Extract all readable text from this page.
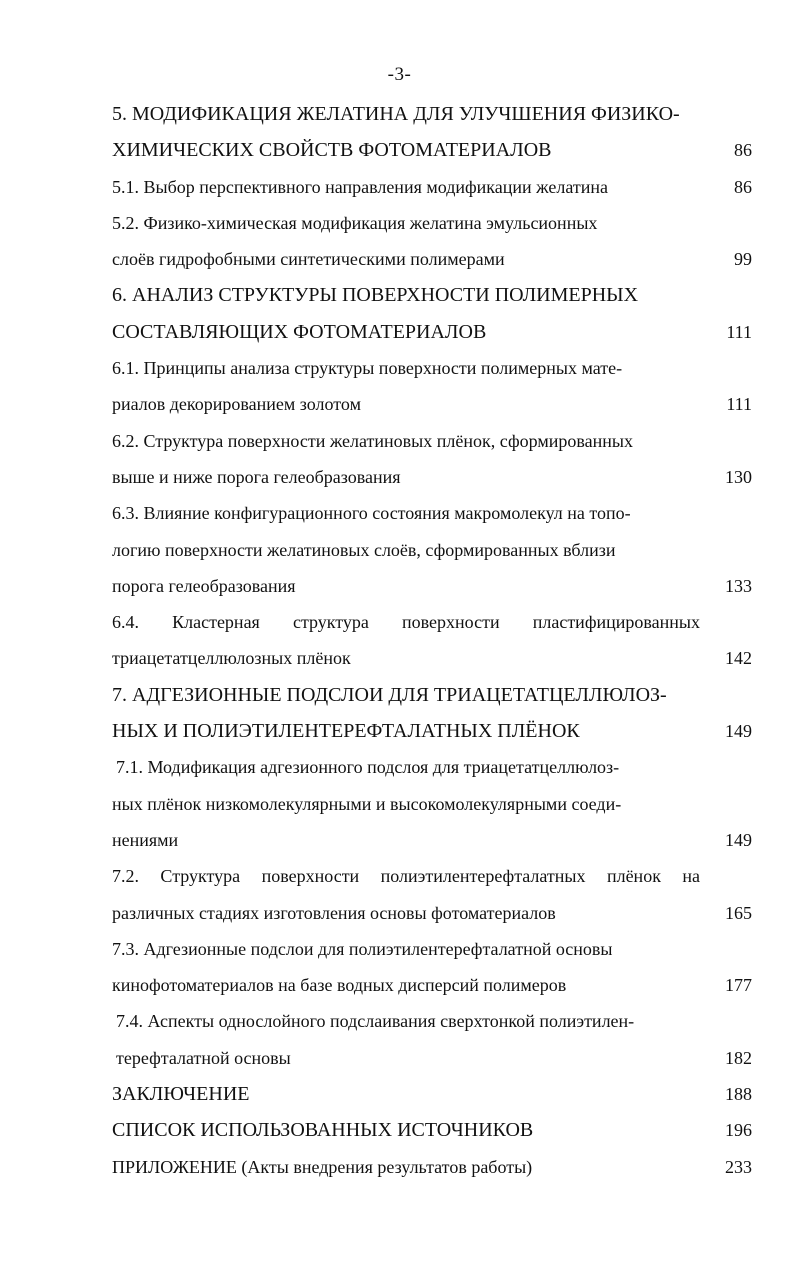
-3-
5. МОДИФИКАЦИЯ ЖЕЛАТИНА ДЛЯ УЛУЧШЕНИЯ ФИЗИКО-
ХИМИЧЕСКИХ СВОЙСТВ ФОТОМАТЕРИАЛОВ .....	86
5.1. Выбор перспективного направления модификации желатина .....	86
5.2. Физико-химическая модификация желатина эмульсионных
слоёв гидрофобными синтетическими полимерами .....	99
6. АНАЛИЗ СТРУКТУРЫ ПОВЕРХНОСТИ ПОЛИМЕРНЫХ
СОСТАВЛЯЮЩИХ ФОТОМАТЕРИАЛОВ .....	111
6.1. Принципы анализа структуры поверхности полимерных мате-
риалов декорированием золотом .....	111
6.2. Структура поверхности желатиновых плёнок, сформированных
выше и ниже порога гелеобразования .....	130
6.3. Влияние конфигурационного состояния макромолекул на топо-
логию поверхности желатиновых слоёв, сформированных вблизи
порога гелеобразования .....	133
6.4. Кластерная структура поверхности пластифицированных
триацетатцеллюлозных плёнок .....	142
7. АДГЕЗИОННЫЕ ПОДСЛОИ ДЛЯ ТРИАЦЕТАТЦЕЛЛЮЛОЗ-
НЫХ И ПОЛИЭТИЛЕНТЕРЕФТАЛАТНЫХ ПЛЁНОК .....	149
7.1. Модификация адгезионного подслоя для триацетатцеллюлоз-
ных плёнок низкомолекулярными и высокомолекулярными соеди-
нениями .....	149
7.2. Структура поверхности полиэтилентерефталатных плёнок на
различных стадиях изготовления основы фотоматериалов .....	165
7.3. Адгезионные подслои для полиэтилентерефталатной основы
кинофотоматериалов на базе водных дисперсий полимеров .....	177
7.4. Аспекты однослойного подслаивания сверхтонкой полиэтилен-
терефталатной основы .....	182
ЗАКЛЮЧЕНИЕ .....	188
СПИСОК ИСПОЛЬЗОВАННЫХ ИСТОЧНИКОВ .....	196
ПРИЛОЖЕНИЕ (Акты внедрения результатов работы) .....	233
